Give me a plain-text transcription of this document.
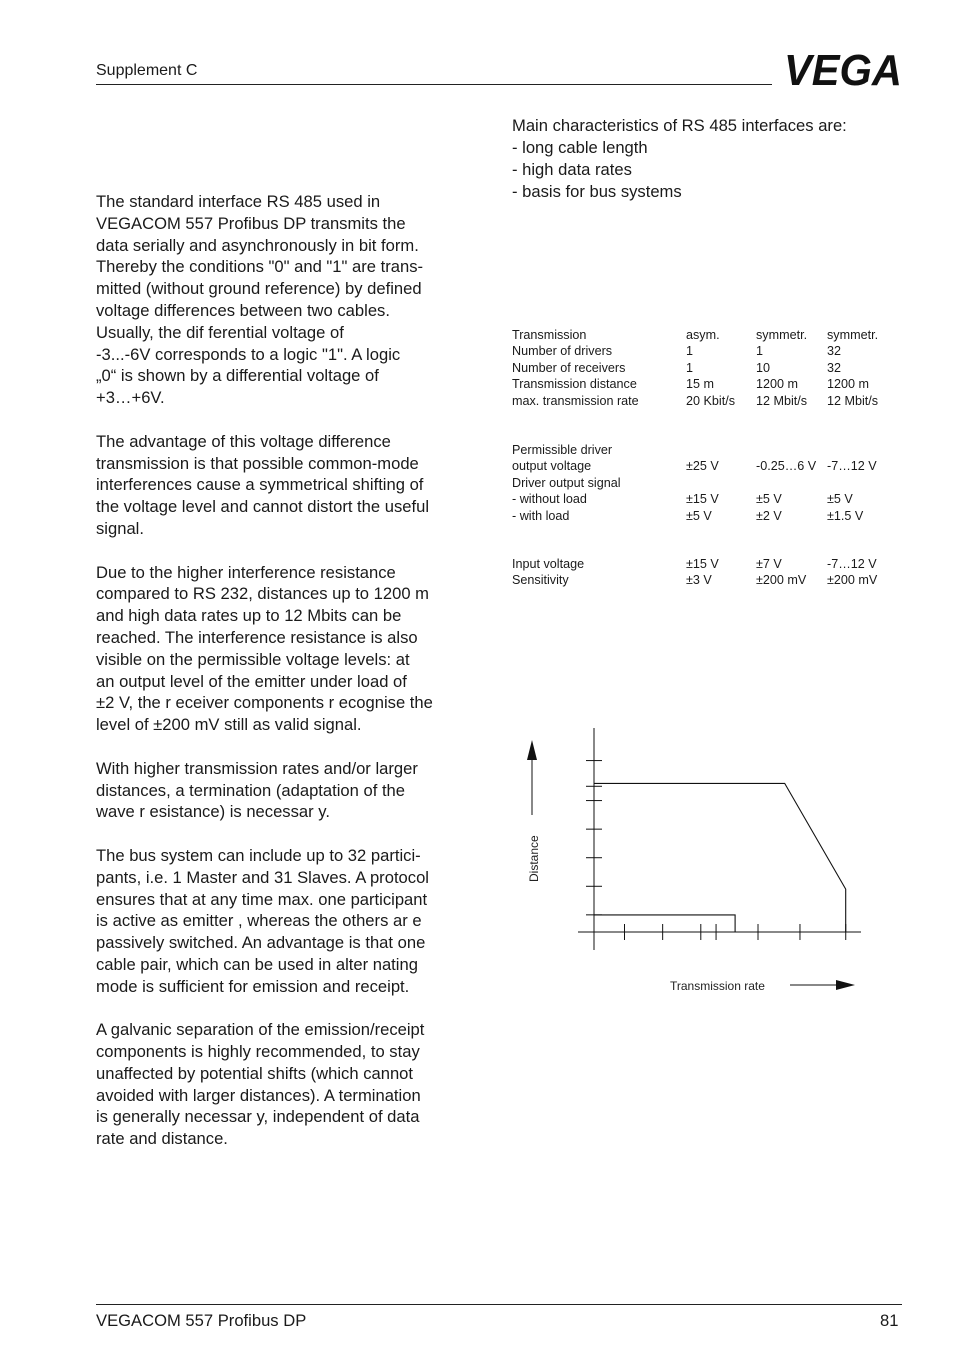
Supplement C	VEGA

The standard interface RS 485 used in
VEGACOM 557 Profibus DP transmits the
data serially and asynchronously in bit form.
Thereby the conditions "0" and "1" are trans-
mitted (without ground reference) by defined
voltage differences between two cables.
Usually, the dif ferential voltage of
-3...-6V corresponds to a logic "1". A logic
„0“ is shown by a differential voltage of
+3…+6V.

The advantage of this voltage difference
transmission is that possible common-mode
interferences cause a symmetrical shifting of
the voltage level and cannot distort the useful
signal.

Due to the higher interference resistance
compared to RS 232, distances up to 1200 m
and high data rates up to 12 Mbits can be
reached. The interference resistance is also
visible on the permissible voltage levels: at
an output level of the emitter under load of
±2 V, the r eceiver components r ecognise the
level of ±200 mV still as valid signal.

With higher transmission rates and/or larger
distances, a termination (adaptation of the
wave r esistance) is necessar y.

The bus system can include up to 32 partici-
pants, i.e. 1 Master and 31 Slaves. A protocol
ensures that at any time max. one participant
is active as emitter , whereas the others ar e
passively switched. An advantage is that one
cable pair, which can be used in alter nating
mode is sufficient for emission and receipt.

A galvanic separation of the emission/receipt
components is highly recommended, to stay
unaffected by potential shifts (which cannot
avoided with larger distances). A termination
is generally necessar y, independent of data
rate and distance.

Main characteristics of RS 485 interfaces are:
- long cable length
- high data rates
- basis for bus systems
Transmission	asym.	symmetr. symmetr.
Number of drivers	1	1	32
Number of receivers	1	10	32
Transmission distance	15 m	1200 m 1200 m
max. transmission rate	20 Kbit/s 12 Mbit/s 12 Mbit/s
Permissible driver
output voltage	±25 V	-0.25…6 V -7…12 V
Driver output signal
- without load	±15 V	±5 V	±5 V
- with load	±5 V	±2 V	±1.5 V
Input voltage	±15 V	±7 V	-7…12 V
Sensitivity	±3 V	±200 mV ±200 mV
Distance
Transmission rate
VEGACOM 557 Profibus DP	81
